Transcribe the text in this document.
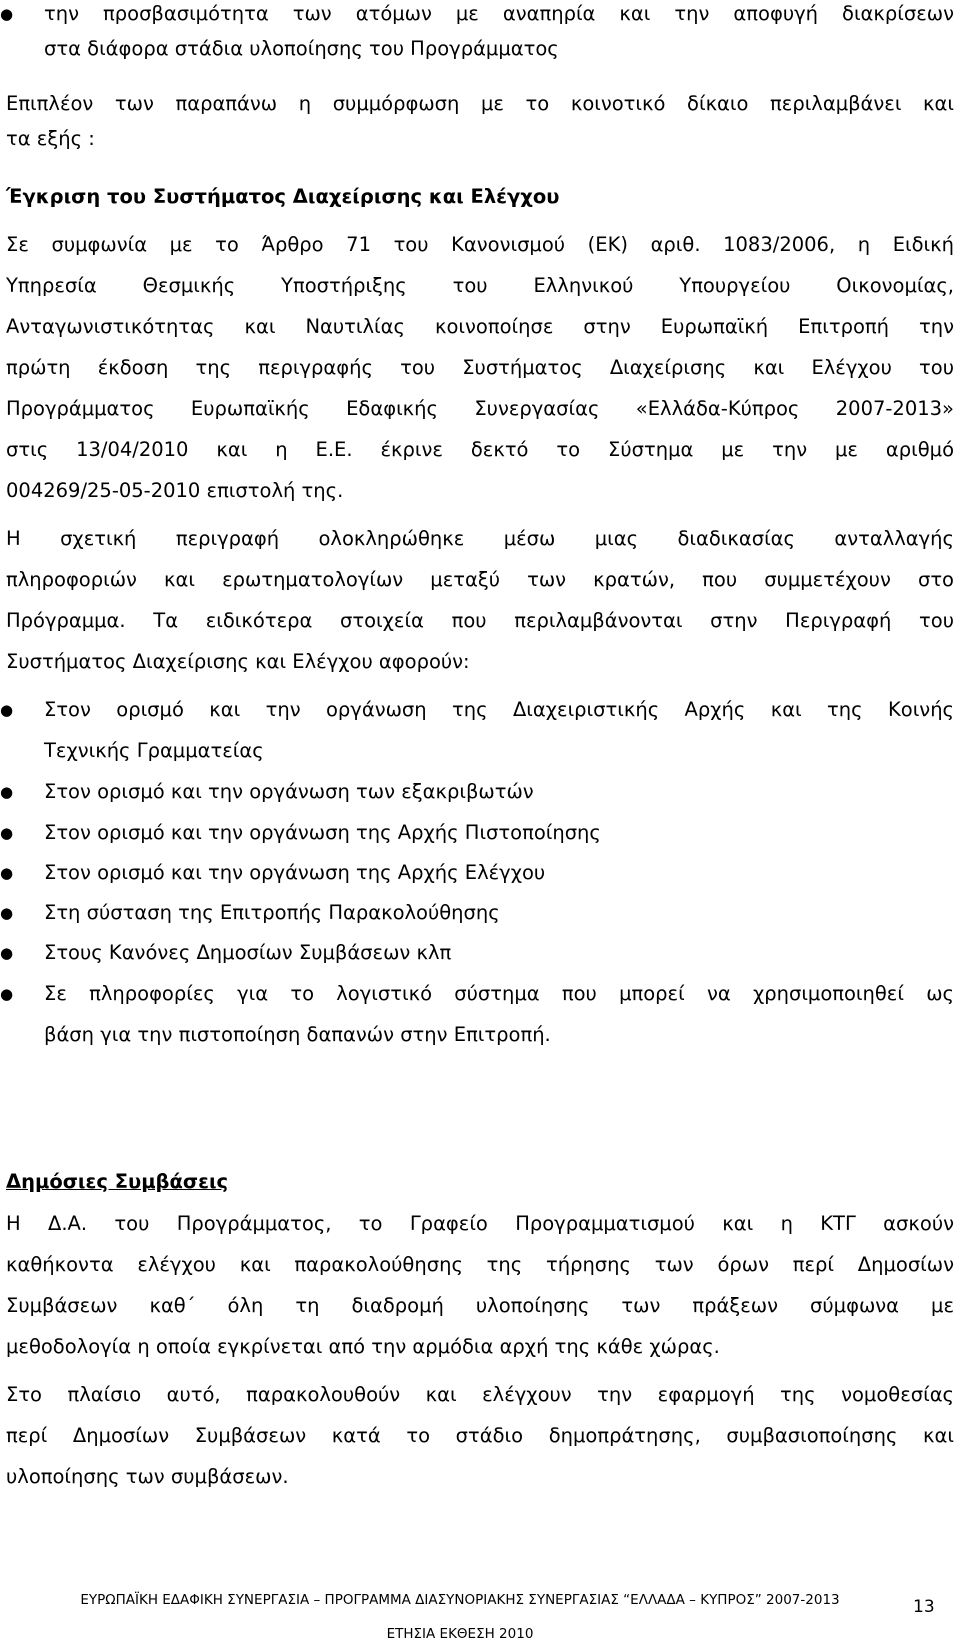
● την προσβασιμότητα των ατόμων με αναπηρία και την αποφυγή διακρίσεων
στα διάφορα στάδια υλοποίησης του Προγράμματος
Επιπλέον των παραπάνω η συμμόρφωση με το κοινοτικό δίκαιο περιλαμβάνει και
τα εξής :
Έγκριση του Συστήματος Διαχείρισης και Ελέγχου
Σε συμφωνία με το Άρθρο 71 του Κανονισμού (ΕΚ) αριθ. 1083/2006, η Ειδική
Υπηρεσία Θεσμικής Υποστήριξης του Ελληνικού Υπουργείου Οικονομίας,
Ανταγωνιστικότητας και Ναυτιλίας κοινοποίησε στην Ευρωπαϊκή Επιτροπή την
πρώτη έκδοση της περιγραφής του Συστήματος Διαχείρισης και Ελέγχου του
Προγράμματος Ευρωπαϊκής Εδαφικής Συνεργασίας «Ελλάδα-Κύπρος 2007-2013»
στις 13/04/2010 και η Ε.Ε. έκρινε δεκτό το Σύστημα με την με αριθμό
004269/25-05-2010 επιστολή της.
Η σχετική περιγραφή ολοκληρώθηκε μέσω μιας διαδικασίας ανταλλαγής
πληροφοριών και ερωτηματολογίων μεταξύ των κρατών, που συμμετέχουν στο
Πρόγραμμα. Τα ειδικότερα στοιχεία που περιλαμβάνονται στην Περιγραφή του
Συστήματος Διαχείρισης και Ελέγχου αφορούν:
● Στον ορισμό και την οργάνωση της Διαχειριστικής Αρχής και της Κοινής
Τεχνικής Γραμματείας
● Στον ορισμό και την οργάνωση των εξακριβωτών
● Στον ορισμό και την οργάνωση της Αρχής Πιστοποίησης
● Στον ορισμό και την οργάνωση της Αρχής Ελέγχου
● Στη σύσταση της Επιτροπής Παρακολούθησης
● Στους Κανόνες Δημοσίων Συμβάσεων κλπ
● Σε πληροφορίες για το λογιστικό σύστημα που μπορεί να χρησιμοποιηθεί ως
βάση για την πιστοποίηση δαπανών στην Επιτροπή.
Δημόσιες Συμβάσεις
Η Δ.Α. του Προγράμματος, το Γραφείο Προγραμματισμού και η ΚΤΓ ασκούν
καθήκοντα ελέγχου και παρακολούθησης της τήρησης των όρων περί Δημοσίων
Συμβάσεων καθ΄ όλη τη διαδρομή υλοποίησης των πράξεων σύμφωνα με
μεθοδολογία η οποία εγκρίνεται από την αρμόδια αρχή της κάθε χώρας.
Στο πλαίσιο αυτό, παρακολουθούν και ελέγχουν την εφαρμογή της νομοθεσίας
περί Δημοσίων Συμβάσεων κατά το στάδιο δημοπράτησης, συμβασιοποίησης και
υλοποίησης των συμβάσεων.
ΕΥΡΩΠΑΪΚΗ ΕΔΑΦΙΚΗ ΣΥΝΕΡΓΑΣΙΑ – ΠΡΟΓΡΑΜΜΑ ΔΙΑΣΥΝΟΡΙΑΚΗΣ ΣΥΝΕΡΓΑΣΙΑΣ “ΕΛΛΑΔΑ – ΚΥΠΡΟΣ” 2007-2013
ΕΤΗΣΙΑ ΕΚΘΕΣΗ 2010
13
